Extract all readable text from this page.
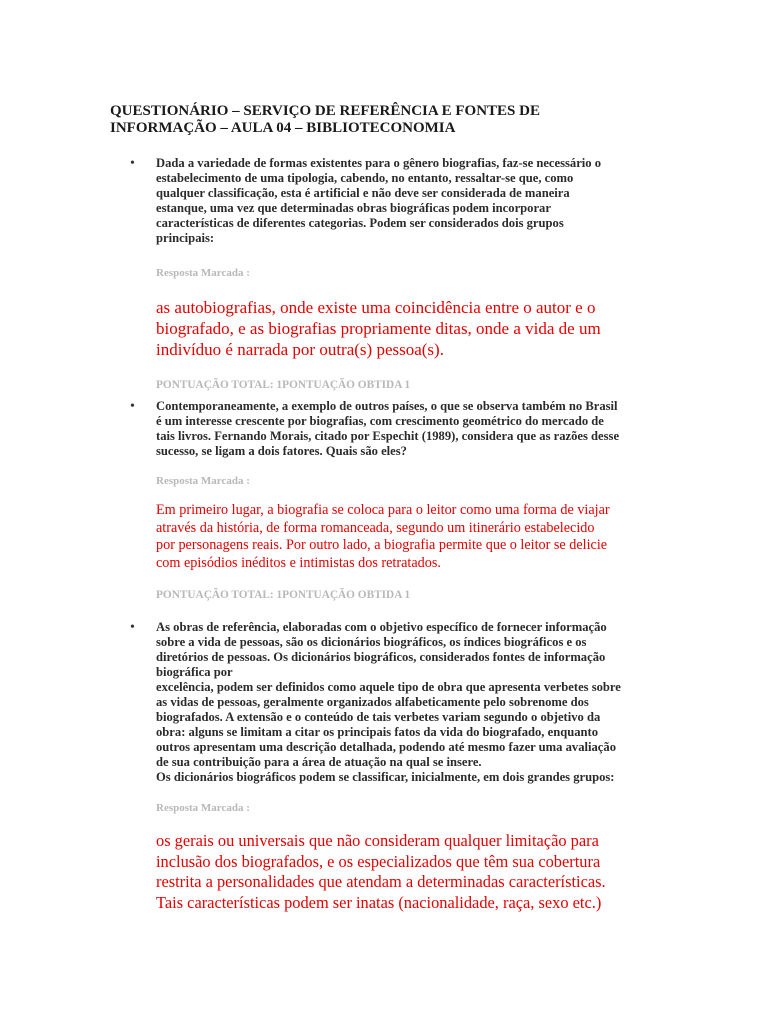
QUESTIONÁRIO – SERVIÇO DE REFERÊNCIA E FONTES DE
INFORMAÇÃO – AULA 04 – BIBLIOTECONOMIA
• Dada a variedade de formas existentes para o gênero biografias, faz-se necessário o
estabelecimento de uma tipologia, cabendo, no entanto, ressaltar-se que, como
qualquer classificação, esta é artificial e não deve ser considerada de maneira
estanque, uma vez que determinadas obras biográficas podem incorporar
características de diferentes categorias. Podem ser considerados dois grupos
principais:

Resposta Marcada :

as autobiografias, onde existe uma coincidência entre o autor e o
biografado, e as biografias propriamente ditas, onde a vida de um
indivíduo é narrada por outra(s) pessoa(s).

PONTUAÇÃO TOTAL: 1PONTUAÇÃO OBTIDA 1

• Contemporaneamente, a exemplo de outros países, o que se observa também no Brasil
é um interesse crescente por biografias, com crescimento geométrico do mercado de
tais livros. Fernando Morais, citado por Espechit (1989), considera que as razões desse
sucesso, se ligam a dois fatores. Quais são eles?

Resposta Marcada :

Em primeiro lugar, a biografia se coloca para o leitor como uma forma de viajar
através da história, de forma romanceada, segundo um itinerário estabelecido
por personagens reais. Por outro lado, a biografia permite que o leitor se delicie
com episódios inéditos e intimistas dos retratados.

PONTUAÇÃO TOTAL: 1PONTUAÇÃO OBTIDA 1

• As obras de referência, elaboradas com o objetivo específico de fornecer informação
sobre a vida de pessoas, são os dicionários biográficos, os índices biográficos e os
diretórios de pessoas. Os dicionários biográficos, considerados fontes de informação
biográfica por
excelência, podem ser definidos como aquele tipo de obra que apresenta verbetes sobre
as vidas de pessoas, geralmente organizados alfabeticamente pelo sobrenome dos
biografados. A extensão e o conteúdo de tais verbetes variam segundo o objetivo da
obra: alguns se limitam a citar os principais fatos da vida do biografado, enquanto
outros apresentam uma descrição detalhada, podendo até mesmo fazer uma avaliação
de sua contribuição para a área de atuação na qual se insere.
Os dicionários biográficos podem se classificar, inicialmente, em dois grandes grupos:

Resposta Marcada :

os gerais ou universais que não consideram qualquer limitação para
inclusão dos biografados, e os especializados que têm sua cobertura
restrita a personalidades que atendam a determinadas características.
Tais características podem ser inatas (nacionalidade, raça, sexo etc.)
